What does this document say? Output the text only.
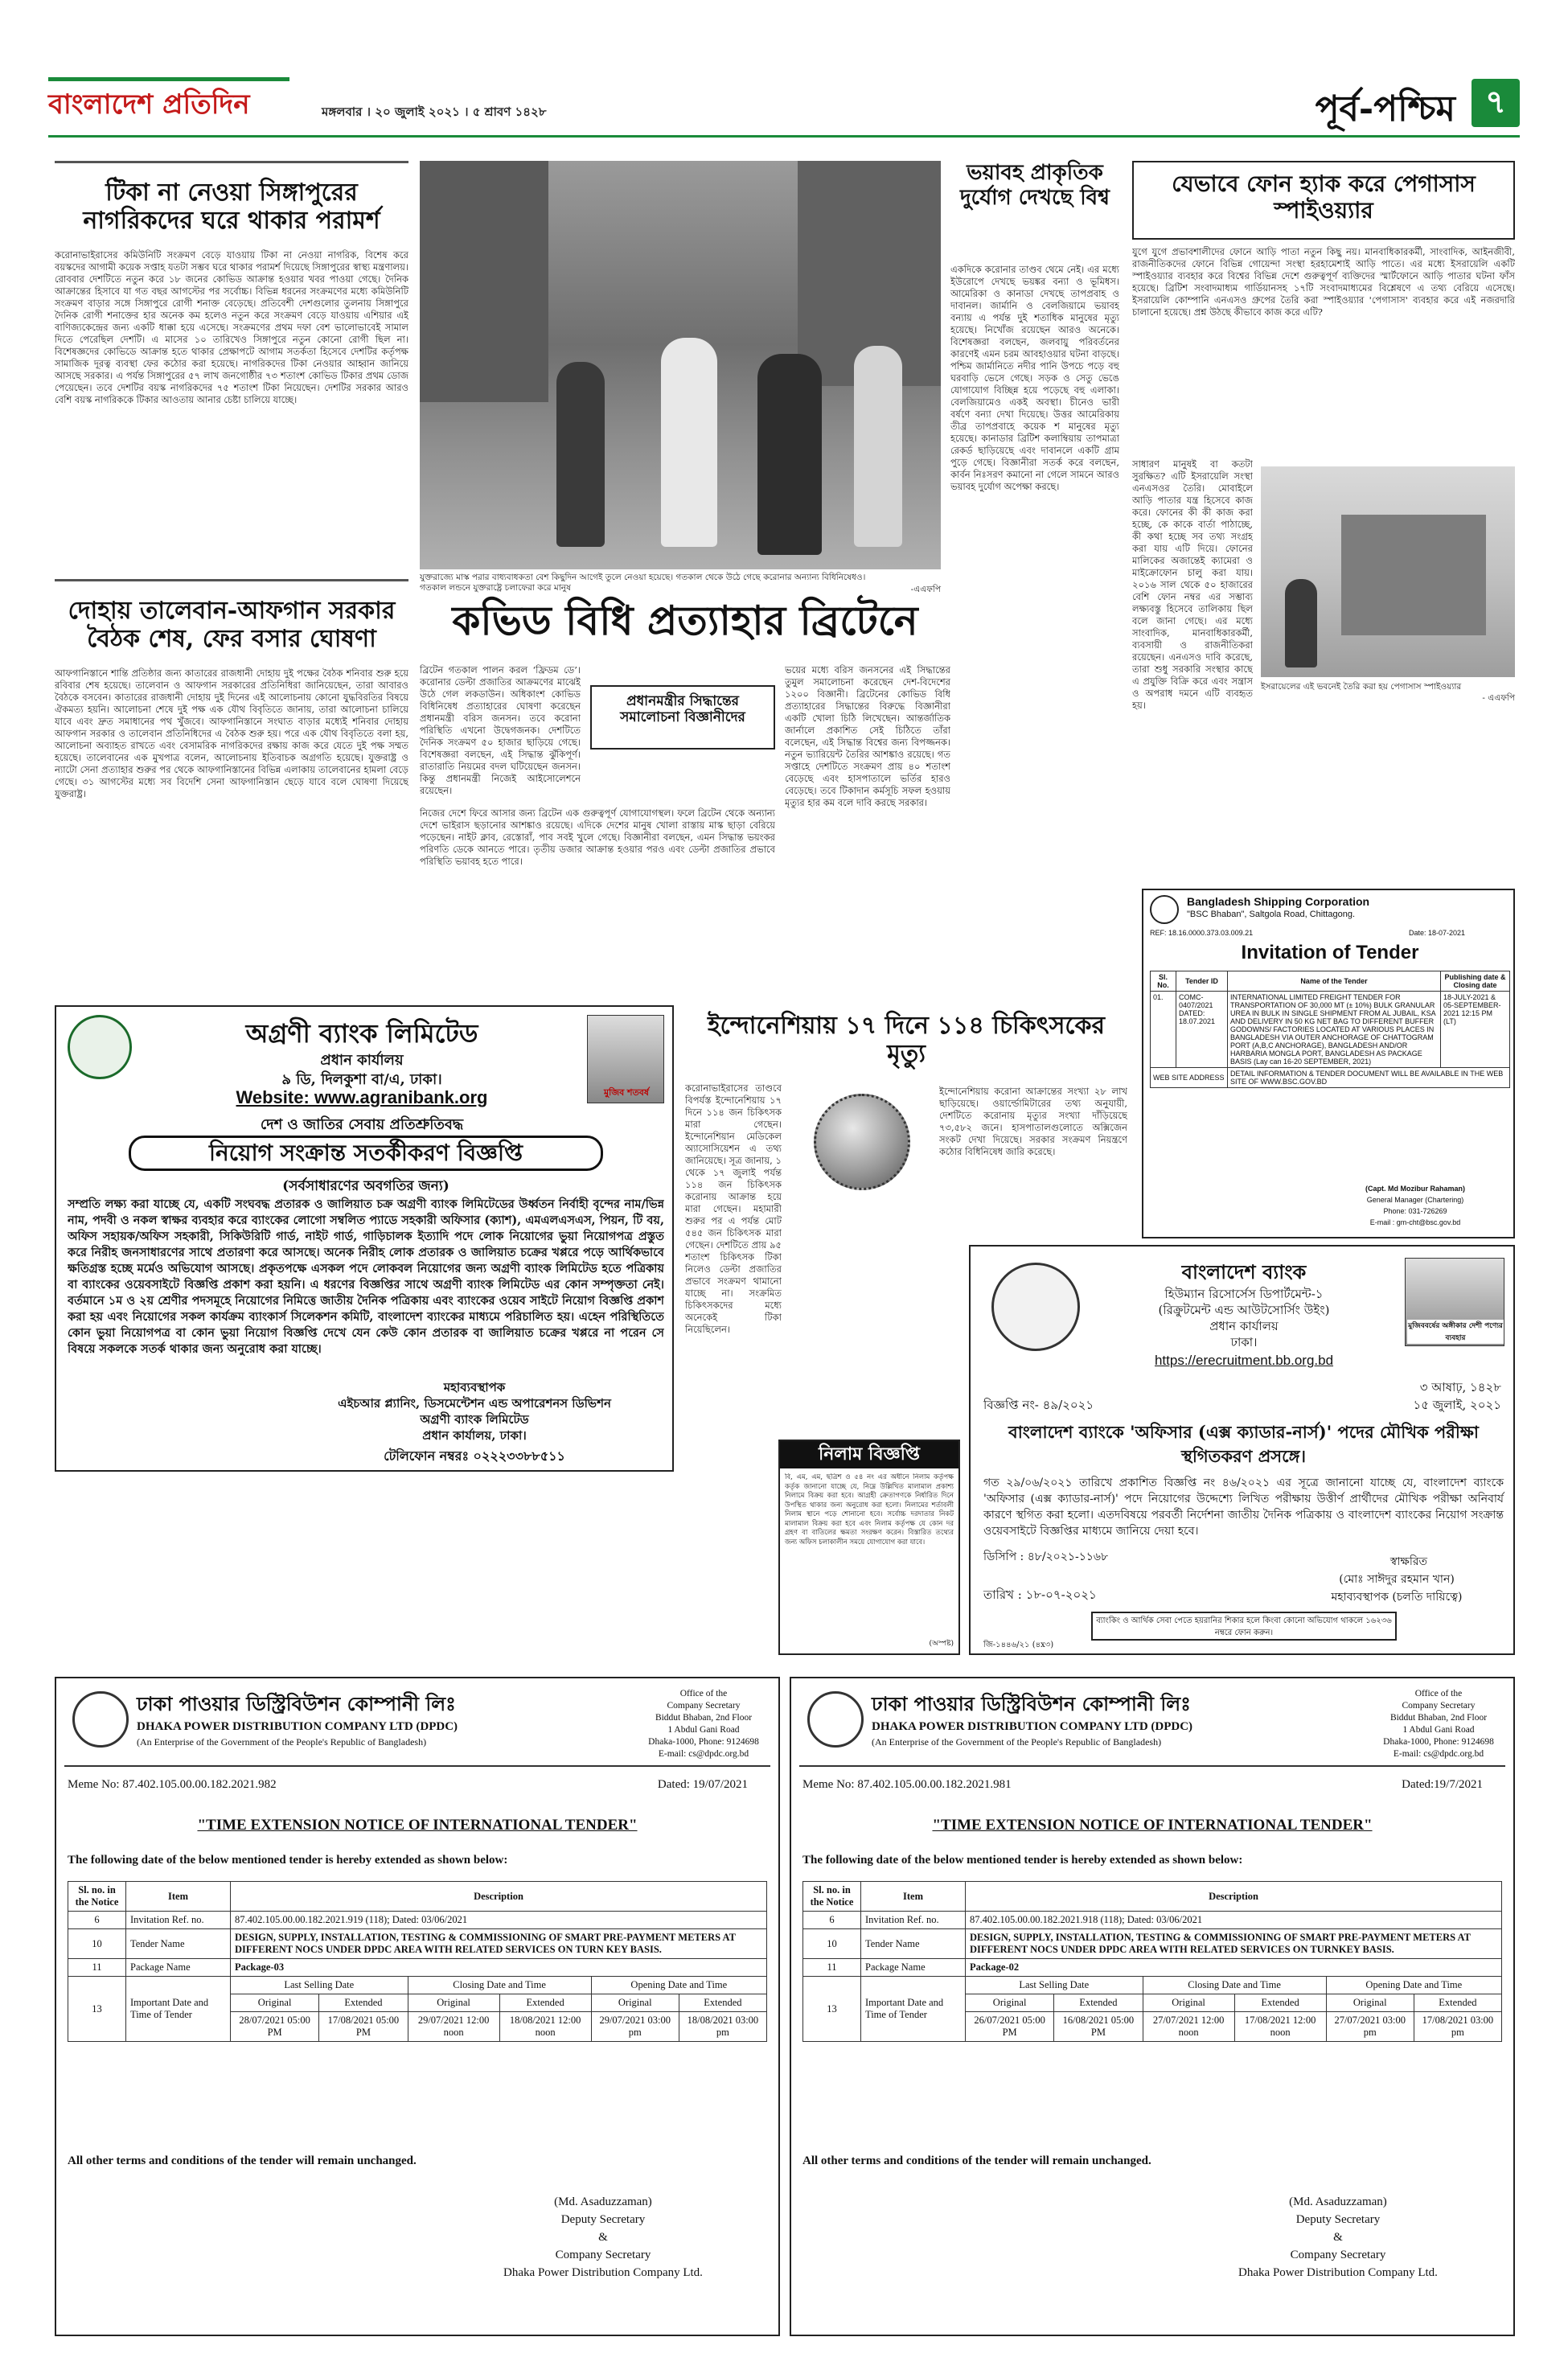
বাংলাদেশ প্রতিদিন	মঙ্গলবার । ২০ জুলাই ২০২১ । ৫ শ্রাবণ ১৪২৮	পূর্ব-পশ্চিম ৭
টিকা না নেওয়া সিঙ্গাপুরের নাগরিকদের ঘরে থাকার পরামর্শ
করোনাভাইরাসের কমিউনিটি সংক্রমণ বেড়ে যাওয়ায় টিকা না নেওয়া নাগরিক, বিশেষ করে বয়স্কদের আগামী কয়েক সপ্তাহ যতটা সম্ভব ঘরে থাকার পরামর্শ দিয়েছে সিঙ্গাপুরের স্বাস্থ্য মন্ত্রণালয়। রোববার দেশটিতে নতুন করে ১৮ জনের কোভিড আক্রান্ত হওয়ার খবর পাওয়া গেছে। দৈনিক আক্রান্তের হিসাবে যা গত বছর আগস্টের পর সর্বোচ্চ। বিভিন্ন ধরনের সংক্রমণের মধ্যে কমিউনিটি সংক্রমণ বাড়ার সঙ্গে সিঙ্গাপুরে রোগী শনাক্ত বেড়েছে। প্রতিবেশী দেশগুলোর তুলনায় সিঙ্গাপুরে দৈনিক রোগী শনাক্তের হার অনেক কম হলেও নতুন করে সংক্রমণ বেড়ে যাওয়ায় এশিয়ার এই বাণিজ্যকেন্দ্রের জন্য একটি ধাক্কা হয়ে এসেছে। সংক্রমণের প্রথম দফা বেশ ভালোভাবেই সামাল দিতে পেরেছিল দেশটি। এ মাসের ১০ তারিখেও সিঙ্গাপুরে নতুন কোনো রোগী ছিল না। বিশেষজ্ঞদের কোভিডে আক্রান্ত হতে থাকার প্রেক্ষাপটে আগাম সতর্কতা হিসেবে দেশটির কর্তৃপক্ষ সামাজিক দূরত্ব ব্যবস্থা ফের কঠোর করা হয়েছে। নাগরিকদের টিকা নেওয়ার আহ্বান জানিয়ে আসছে সরকার। এ পর্যন্ত সিঙ্গাপুরের ৫৭ লাখ জনগোষ্ঠীর ৭৩ শতাংশ কোভিড টিকার প্রথম ডোজ পেয়েছেন। তবে দেশটির বয়স্ক নাগরিকদের ৭৫ শতাংশ টিকা নিয়েছেন। দেশটির সরকার আরও বেশি বয়স্ক নাগরিককে টিকার আওতায় আনার চেষ্টা চালিয়ে যাচ্ছে।
দোহায় তালেবান-আফগান সরকার বৈঠক শেষ, ফের বসার ঘোষণা
আফগানিস্তানে শান্তি প্রতিষ্ঠার জন্য কাতারের রাজধানী দোহায় দুই পক্ষের বৈঠক শনিবার শুরু হয়ে রবিবার শেষ হয়েছে। তালেবান ও আফগান সরকারের প্রতিনিধিরা জানিয়েছেন, তারা আবারও বৈঠকে বসবেন। কাতারের রাজধানী দোহায় দুই দিনের এই আলোচনায় কোনো যুদ্ধবিরতির বিষয়ে ঐকমত্য হয়নি। আলোচনা শেষে দুই পক্ষ এক যৌথ বিবৃতিতে জানায়, তারা আলোচনা চালিয়ে যাবে এবং দ্রুত সমাধানের পথ খুঁজবে। আফগানিস্তানে সংঘাত বাড়ার মধ্যেই শনিবার দোহায় আফগান সরকার ও তালেবান প্রতিনিধিদের এ বৈঠক শুরু হয়। পরে এক যৌথ বিবৃতিতে বলা হয়, আলোচনা অব্যাহত রাখতে এবং বেসামরিক নাগরিকদের রক্ষায় কাজ করে যেতে দুই পক্ষ সম্মত হয়েছে। তালেবানের এক মুখপাত্র বলেন, আলোচনায় ইতিবাচক অগ্রগতি হয়েছে। যুক্তরাষ্ট্র ও ন্যাটো সেনা প্রত্যাহার শুরুর পর থেকে আফগানিস্তানের বিভিন্ন এলাকায় তালেবানের হামলা বেড়ে গেছে। ৩১ আগস্টের মধ্যে সব বিদেশি সেনা আফগানিস্তান ছেড়ে যাবে বলে ঘোষণা দিয়েছে যুক্তরাষ্ট্র।
যুক্তরাজ্যে মাস্ক পরার বাধ্যবাধকতা বেশ কিছুদিন আগেই তুলে নেওয়া হয়েছে। গতকাল থেকে উঠে গেছে করোনার অন্যান্য বিধিনিষেধও। গতকাল লন্ডনে যুক্তরাষ্ট্রে চলাফেরা করে মানুষ	-এএফপি
ভয়াবহ প্রাকৃতিক দুর্যোগ দেখছে বিশ্ব
একদিকে করোনার তাণ্ডব থেমে নেই। এর মধ্যে ইউরোপে দেখছে ভয়ঙ্কর বন্যা ও ভূমিধস। আমেরিকা ও কানাডা দেখছে তাপপ্রবাহ ও দাবানল। জার্মানি ও বেলজিয়ামে ভয়াবহ বন্যায় এ পর্যন্ত দুই শতাধিক মানুষের মৃত্যু হয়েছে। নিখোঁজ রয়েছেন আরও অনেকে। বিশেষজ্ঞরা বলছেন, জলবায়ু পরিবর্তনের কারণেই এমন চরম আবহাওয়ার ঘটনা বাড়ছে। পশ্চিম জার্মানিতে নদীর পানি উপচে পড়ে বহু ঘরবাড়ি ভেসে গেছে। সড়ক ও সেতু ভেঙে যোগাযোগ বিচ্ছিন্ন হয়ে পড়েছে বহু এলাকা। বেলজিয়ামেও একই অবস্থা। চীনেও ভারী বর্ষণে বন্যা দেখা দিয়েছে। উত্তর আমেরিকায় তীব্র তাপপ্রবাহে কয়েক শ মানুষের মৃত্যু হয়েছে। কানাডার ব্রিটিশ কলাম্বিয়ায় তাপমাত্রা রেকর্ড ছাড়িয়েছে এবং দাবানলে একটি গ্রাম পুড়ে গেছে। বিজ্ঞানীরা সতর্ক করে বলছেন, কার্বন নিঃসরণ কমানো না গেলে সামনে আরও ভয়াবহ দুর্যোগ অপেক্ষা করছে।
যেভাবে ফোন হ্যাক করে পেগাসাস স্পাইওয়্যার
যুগে যুগে প্রভাবশালীদের ফোনে আড়ি পাতা নতুন কিছু নয়। মানবাধিকারকর্মী, সাংবাদিক, আইনজীবী, রাজনীতিকদের ফোনে বিভিন্ন গোয়েন্দা সংস্থা হরহামেশাই আড়ি পাতে। এর মধ্যে ইসরায়েলি একটি স্পাইওয়্যার ব্যবহার করে বিশ্বের বিভিন্ন দেশে গুরুত্বপূর্ণ ব্যক্তিদের স্মার্টফোনে আড়ি পাতার ঘটনা ফাঁস হয়েছে। ব্রিটিশ সংবাদমাধ্যম গার্ডিয়ানসহ ১৭টি সংবাদমাধ্যমের বিশ্লেষণে এ তথ্য বেরিয়ে এসেছে। ইসরায়েলি কোম্পানি এনএসও গ্রুপের তৈরি করা স্পাইওয়্যার 'পেগাসাস' ব্যবহার করে এই নজরদারি চালানো হয়েছে। প্রশ্ন উঠছে কীভাবে কাজ করে এটি?
সাধারণ মানুষই বা কতটা সুরক্ষিত? এটি ইসরায়েলি সংস্থা এনএসওর তৈরি। মোবাইলে আড়ি পাতার যন্ত্র হিসেবে কাজ করে। ফোনের কী কী কাজ করা হচ্ছে, কে কাকে বার্তা পাঠাচ্ছে, কী কথা হচ্ছে সব তথ্য সংগ্রহ করা যায় এটি দিয়ে। ফোনের মালিকের অজান্তেই ক্যামেরা ও মাইক্রোফোন চালু করা যায়। ২০১৬ সাল থেকে ৫০ হাজারের বেশি ফোন নম্বর এর সম্ভাব্য লক্ষ্যবস্তু হিসেবে তালিকায় ছিল বলে জানা গেছে। এর মধ্যে সাংবাদিক, মানবাধিকারকর্মী, ব্যবসায়ী ও রাজনীতিকরা রয়েছেন। এনএসও দাবি করেছে, তারা শুধু সরকারি সংস্থার কাছে এ প্রযুক্তি বিক্রি করে এবং সন্ত্রাস ও অপরাধ দমনে এটি ব্যবহৃত হয়।
ইসরায়েলের এই ভবনেই তৈরি করা হয় পেগাসাস স্পাইওয়্যার
- এএফপি
কভিড বিধি প্রত্যাহার ব্রিটেনে
ব্রিটেন গতকাল পালন করল ‘ফ্রিডম ডে’। করোনার ডেল্টা প্রজাতির আক্রমণের মাঝেই উঠে গেল লকডাউন। অধিকাংশ কোভিড বিধিনিষেধ প্রত্যাহারের ঘোষণা করেছেন প্রধানমন্ত্রী বরিস জনসন। তবে করোনা পরিস্থিতি এখনো উদ্বেগজনক। দেশটিতে দৈনিক সংক্রমণ ৫০ হাজার ছাড়িয়ে গেছে। বিশেষজ্ঞরা বলছেন, এই সিদ্ধান্ত ঝুঁকিপূর্ণ। রাতারাতি নিয়মের বদল ঘটিয়েছেন জনসন। কিন্তু প্রধানমন্ত্রী নিজেই আইসোলেশনে রয়েছেন।
প্রধানমন্ত্রীর সিদ্ধান্তের সমালোচনা বিজ্ঞানীদের
নিজের দেশে ফিরে আসার জন্য ব্রিটেন এক গুরুত্বপূর্ণ যোগাযোগস্থল। ফলে ব্রিটেন থেকে অন্যান্য দেশে ভাইরাস ছড়ানোর আশঙ্কাও রয়েছে। এদিকে দেশের মানুষ খোলা রাস্তায় মাস্ক ছাড়া বেরিয়ে পড়েছেন। নাইট ক্লাব, রেস্তোরাঁ, পাব সবই খুলে গেছে। বিজ্ঞানীরা বলছেন, এমন সিদ্ধান্ত ভয়ংকর পরিণতি ডেকে আনতে পারে। তৃতীয় ডজার আক্রান্ত হওয়ার পরও এবং ডেল্টা প্রজাতির প্রভাবে পরিস্থিতি ভয়াবহ হতে পারে।
ভয়ের মধ্যে বরিস জনসনের এই সিদ্ধান্তের তুমুল সমালোচনা করেছেন দেশ-বিদেশের ১২০০ বিজ্ঞানী। ব্রিটেনের কোভিড বিধি প্রত্যাহারের সিদ্ধান্তের বিরুদ্ধে বিজ্ঞানীরা একটি খোলা চিঠি লিখেছেন। আন্তর্জাতিক জার্নালে প্রকাশিত সেই চিঠিতে তাঁরা বলেছেন, এই সিদ্ধান্ত বিশ্বের জন্য বিপজ্জনক। নতুন ভ্যারিয়েন্ট তৈরির আশঙ্কাও রয়েছে। গত সপ্তাহে দেশটিতে সংক্রমণ প্রায় ৪০ শতাংশ বেড়েছে এবং হাসপাতালে ভর্তির হারও বেড়েছে। তবে টিকাদান কর্মসূচি সফল হওয়ায় মৃত্যুর হার কম বলে দাবি করছে সরকার।
ইন্দোনেশিয়ায় ১৭ দিনে ১১৪ চিকিৎসকের মৃত্যু
করোনাভাইরাসের তাণ্ডবে বিপর্যস্ত ইন্দোনেশিয়ায় ১৭ দিনে ১১৪ জন চিকিৎসক মারা গেছেন। ইন্দোনেশিয়ান মেডিকেল অ্যাসোসিয়েশন এ তথ্য জানিয়েছে। সূত্র জানায়, ১ থেকে ১৭ জুলাই পর্যন্ত ১১৪ জন চিকিৎসক করোনায় আক্রান্ত হয়ে মারা গেছেন। মহামারী শুরুর পর এ পর্যন্ত মোট ৫৪৫ জন চিকিৎসক মারা গেছেন। দেশটিতে প্রায় ৯৫ শতাংশ চিকিৎসক টিকা নিলেও ডেল্টা প্রজাতির প্রভাবে সংক্রমণ থামানো যাচ্ছে না। সংক্রমিত চিকিৎসকদের মধ্যে অনেকেই টিকা নিয়েছিলেন।
ইন্দোনেশিয়ায় করোনা আক্রান্তের সংখ্যা ২৮ লাখ ছাড়িয়েছে। ওয়ার্ল্ডোমিটারের তথ্য অনুযায়ী, দেশটিতে করোনায় মৃত্যুর সংখ্যা দাঁড়িয়েছে ৭৩,৫৮২ জনে। হাসপাতালগুলোতে অক্সিজেন সংকট দেখা দিয়েছে। সরকার সংক্রমণ নিয়ন্ত্রণে কঠোর বিধিনিষেধ জারি করেছে।
অগ্রণী ব্যাংক লিমিটেড
প্রধান কার্যালয়
৯ ডি, দিলকুশা বা/এ, ঢাকা।
Website: www.agranibank.org
দেশ ও জাতির সেবায় প্রতিশ্রুতিবদ্ধ
মুজিব শতবর্ষ
নিয়োগ সংক্রান্ত সতর্কীকরণ বিজ্ঞপ্তি
(সর্বসাধারণের অবগতির জন্য)
সম্প্রতি লক্ষ্য করা যাচ্ছে যে, একটি সংঘবদ্ধ প্রতারক ও জালিয়াত চক্র অগ্রণী ব্যাংক লিমিটেডের উর্ধ্বতন নির্বাহী বৃন্দের নাম/ভিন্ন নাম, পদবী ও নকল স্বাক্ষর ব্যবহার করে ব্যাংকের লোগো সম্বলিত প্যাডে সহকারী অফিসার (ক্যাশ), এমএলএসএস, পিয়ন, টি বয়, অফিস সহায়ক/অফিস সহকারী, সিকিউরিটি গার্ড, নাইট গার্ড, গাড়িচালক ইত্যাদি পদে লোক নিয়োগের ভুয়া নিয়োগপত্র প্রস্তুত করে নিরীহ জনসাধারণের সাথে প্রতারণা করে আসছে। অনেক নিরীহ লোক প্রতারক ও জালিয়াত চক্রের খপ্পরে পড়ে আর্থিকভাবে ক্ষতিগ্রস্ত হচ্ছে মর্মেও অভিযোগ আসছে। প্রকৃতপক্ষে এসকল পদে লোকবল নিয়োগের জন্য অগ্রণী ব্যাংক লিমিটেড হতে পত্রিকায় বা ব্যাংকের ওয়েবসাইটে বিজ্ঞপ্তি প্রকাশ করা হয়নি। এ ধরণের বিজ্ঞপ্তির সাথে অগ্রণী ব্যাংক লিমিটেড এর কোন সম্পৃক্ততা নেই। বর্তমানে ১ম ও ২য় শ্রেণীর পদসমূহে নিয়োগের নিমিত্তে জাতীয় দৈনিক পত্রিকায় এবং ব্যাংকের ওয়েব সাইটে নিয়োগ বিজ্ঞপ্তি প্রকাশ করা হয় এবং নিয়োগের সকল কার্যক্রম ব্যাংকার্স সিলেকশন কমিটি, বাংলাদেশ ব্যাংকের মাধ্যমে পরিচালিত হয়। এহেন পরিস্থিতিতে কোন ভুয়া নিয়োগপত্র বা কোন ভুয়া নিয়োগ বিজ্ঞপ্তি দেখে যেন কেউ কোন প্রতারক বা জালিয়াত চক্রের খপ্পরে না পরেন সে বিষয়ে সকলকে সতর্ক থাকার জন্য অনুরোধ করা যাচ্ছে।
মহাব্যবস্থাপক
এইচআর প্ল্যানিং, ডিসমেন্টেশন এন্ড অপারেশনস ডিভিশন
অগ্রণী ব্যাংক লিমিটেড
প্রধান কার্যালয়, ঢাকা।
টেলিফোন নম্বরঃ ০২২২৩৩৮৮৫১১
Bangladesh Shipping Corporation
"BSC Bhaban", Saltgola Road, Chittagong.
REF: 18.16.0000.373.03.009.21	Date: 18-07-2021
Invitation of Tender
Sl. No.	Tender ID	Name of the Tender	Publishing date & Closing date
01.	COMC-0407/2021 DATED: 18.07.2021	INTERNATIONAL LIMITED FREIGHT TENDER FOR TRANSPORTATION OF 30,000 MT (± 10%) BULK GRANULAR UREA IN BULK IN SINGLE SHIPMENT FROM AL JUBAIL, KSA AND DELIVERY IN 50 KG NET BAG TO DIFFERENT BUFFER GODOWNS/ FACTORIES LOCATED AT VARIOUS PLACES IN BANGLADESH VIA OUTER ANCHORAGE OF CHATTOGRAM PORT (A,B,C ANCHORAGE), BANGLADESH AND/OR HARBARIA MONGLA PORT, BANGLADESH AS PACKAGE BASIS (Lay can 16-20 SEPTEMBER, 2021)	18-JULY-2021 & 05-SEPTEMBER-2021 12:15 PM (LT)
WEB SITE ADDRESS		DETAIL INFORMATION & TENDER DOCUMENT WILL BE AVAILABLE IN THE WEB SITE OF WWW.BSC.GOV.BD	
(Capt. Md Mozibur Rahaman)
General Manager (Chartering)
Phone: 031-726269
E-mail : gm-cht@bsc.gov.bd
বাংলাদেশ ব্যাংক
হিউম্যান রিসোর্সেস ডিপার্টমেন্ট-১
(রিক্রুটমেন্ট এন্ড আউটসোর্সিং উইং)
প্রধান কার্যালয়
ঢাকা।
https://erecruitment.bb.org.bd
মুজিববর্ষের অঙ্গীকার দেশী পণ্যের ব্যবহার
৩ আষাঢ়, ১৪২৮
বিজ্ঞপ্তি নং- ৪৯/২০২১	১৫ জুলাই, ২০২১
বাংলাদেশ ব্যাংকে 'অফিসার (এক্স ক্যাডার-নার্স)' পদের মৌখিক পরীক্ষা স্থগিতকরণ প্রসঙ্গে।
গত ২৯/০৬/২০২১ তারিখে প্রকাশিত বিজ্ঞপ্তি নং ৪৬/২০২১ এর সূত্রে জানানো যাচ্ছে যে, বাংলাদেশ ব্যাংকে 'অফিসার (এক্স ক্যাডার-নার্স)' পদে নিয়োগের উদ্দেশ্যে লিখিত পরীক্ষায় উত্তীর্ণ প্রার্থীদের মৌখিক পরীক্ষা অনিবার্য কারণে স্থগিত করা হলো। এতদবিষয়ে পরবর্তী নির্দেশনা জাতীয় দৈনিক পত্রিকায় ও বাংলাদেশ ব্যাংকের নিয়োগ সংক্রান্ত ওয়েবসাইটে বিজ্ঞপ্তির মাধ্যমে জানিয়ে দেয়া হবে।
ডিসিপি : ৪৮/২০২১-১১৬৮	স্বাক্ষরিত
(মোঃ সাঈদুর রহমান খান)
তারিখ : ১৮-০৭-২০২১	মহাব্যবস্থাপক (চলতি দায়িত্বে)
ব্যাংকিং ও আর্থিক সেবা পেতে হয়রানির শিকার হলে কিংবা কোনো অভিযোগ থাকলে ১৬২৩৬ নম্বরে ফোন করুন।
জি-১৪৪৬/২১ (৪x৩)
নিলাম বিজ্ঞপ্তি
বি, এম, এম, ছত্রিশ ও ৫৪ নং এর অধীনে নিলাম কর্তৃপক্ষ কর্তৃক জানানো যাচ্ছে যে, নিম্নে উল্লিখিত মালামাল প্রকাশ্য নিলামে বিক্রয় করা হবে। আগ্রহী ক্রেতাগণকে নির্ধারিত দিনে উপস্থিত থাকার জন্য অনুরোধ করা হলো। নিলামের শর্তাবলী নিলাম স্থানে পড়ে শোনানো হবে। সর্বোচ্চ দরদাতার নিকট মালামাল বিক্রয় করা হবে এবং নিলাম কর্তৃপক্ষ যে কোন দর গ্রহণ বা বাতিলের ক্ষমতা সংরক্ষণ করেন। বিস্তারিত তথ্যের জন্য অফিস চলাকালীন সময়ে যোগাযোগ করা যাবে।
(অস্পষ্ট)
ঢাকা পাওয়ার ডিস্ট্রিবিউশন কোম্পানী লিঃ
DHAKA POWER DISTRIBUTION COMPANY LTD (DPDC)
(An Enterprise of the Government of the People's Republic of Bangladesh)
Office of the
Company Secretary
Biddut Bhaban, 2nd Floor
1 Abdul Gani Road
Dhaka-1000, Phone: 9124698
E-mail: cs@dpdc.org.bd
Meme No: 87.402.105.00.00.182.2021.982	Dated: 19/07/2021
"TIME EXTENSION NOTICE OF INTERNATIONAL TENDER"
The following date of the below mentioned tender is hereby extended as shown below:
Sl. no. in the Notice	Item	Description					
6	Invitation Ref. no.	87.402.105.00.00.182.2021.919 (118); Dated: 03/06/2021					
10	Tender Name	DESIGN, SUPPLY, INSTALLATION, TESTING & COMMISSIONING OF SMART PRE-PAYMENT METERS AT DIFFERENT NOCS UNDER DPDC AREA WITH RELATED SERVICES ON TURN KEY BASIS.					
11	Package Name	Package-03					
13	Important Date and Time of Tender	Last Selling Date		Closing Date and Time		Opening Date and Time	
		Original	Extended	Original	Extended	Original	Extended
		28/07/2021 05:00 PM	17/08/2021 05:00 PM	29/07/2021 12:00 noon	18/08/2021 12:00 noon	29/07/2021 03:00 pm	18/08/2021 03:00 pm
All other terms and conditions of the tender will remain unchanged.
(Md. Asaduzzaman)
Deputy Secretary
&
Company Secretary
Dhaka Power Distribution Company Ltd.
ঢাকা পাওয়ার ডিস্ট্রিবিউশন কোম্পানী লিঃ
DHAKA POWER DISTRIBUTION COMPANY LTD (DPDC)
(An Enterprise of the Government of the People's Republic of Bangladesh)
Office of the
Company Secretary
Biddut Bhaban, 2nd Floor
1 Abdul Gani Road
Dhaka-1000, Phone: 9124698
E-mail: cs@dpdc.org.bd
Meme No: 87.402.105.00.00.182.2021.981	Dated:19/7/2021
"TIME EXTENSION NOTICE OF INTERNATIONAL TENDER"
The following date of the below mentioned tender is hereby extended as shown below:
Sl. no. in the Notice	Item	Description					
6	Invitation Ref. no.	87.402.105.00.00.182.2021.918 (118); Dated: 03/06/2021					
10	Tender Name	DESIGN, SUPPLY, INSTALLATION, TESTING & COMMISSIONING OF SMART PRE-PAYMENT METERS AT DIFFERENT NOCS UNDER DPDC AREA WITH RELATED SERVICES ON TURNKEY BASIS.					
11	Package Name	Package-02					
13	Important Date and Time of Tender	Last Selling Date		Closing Date and Time		Opening Date and Time	
		Original	Extended	Original	Extended	Original	Extended
		26/07/2021 05:00 PM	16/08/2021 05:00 PM	27/07/2021 12:00 noon	17/08/2021 12:00 noon	27/07/2021 03:00 pm	17/08/2021 03:00 pm
All other terms and conditions of the tender will remain unchanged.
(Md. Asaduzzaman)
Deputy Secretary
&
Company Secretary
Dhaka Power Distribution Company Ltd.
